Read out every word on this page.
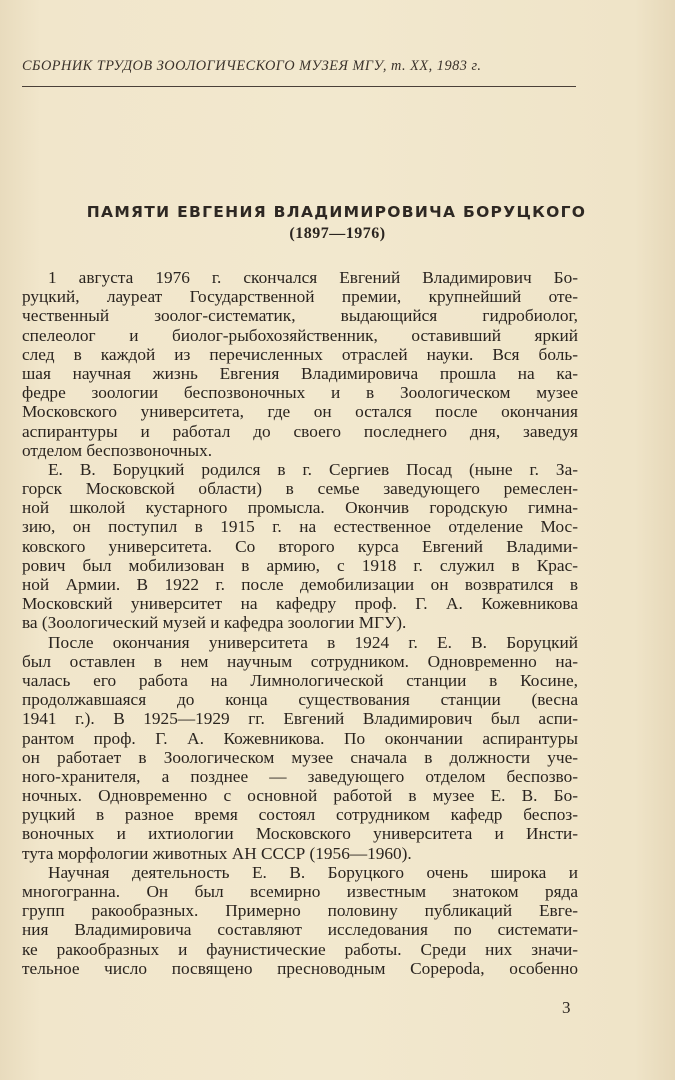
СБОРНИК ТРУДОВ ЗООЛОГИЧЕСКОГО МУЗЕЯ МГУ, т. XX, 1983 г.
ПАМЯТИ ЕВГЕНИЯ ВЛАДИМИРОВИЧА БОРУЦКОГО
(1897—1976)
1 августа 1976 г. скончался Евгений Владимирович Бо-
руцкий, лауреат Государственной премии, крупнейший оте-
чественный зоолог-систематик, выдающийся гидробиолог,
спелеолог и биолог-рыбохозяйственник, оставивший яркий
след в каждой из перечисленных отраслей науки. Вся боль-
шая научная жизнь Евгения Владимировича прошла на ка-
федре зоологии беспозвоночных и в Зоологическом музее
Московского университета, где он остался после окончания
аспирантуры и работал до своего последнего дня, заведуя
отделом беспозвоночных.
Е. В. Боруцкий родился в г. Сергиев Посад (ныне г. За-
горск Московской области) в семье заведующего ремеслен-
ной школой кустарного промысла. Окончив городскую гимна-
зию, он поступил в 1915 г. на естественное отделение Мос-
ковского университета. Со второго курса Евгений Владими-
рович был мобилизован в армию, с 1918 г. служил в Крас-
ной Армии. В 1922 г. после демобилизации он возвратился в
Московский университет на кафедру проф. Г. А. Кожевникова
ва (Зоологический музей и кафедра зоологии МГУ).
После окончания университета в 1924 г. Е. В. Боруцкий
был оставлен в нем научным сотрудником. Одновременно на-
чалась его работа на Лимнологической станции в Косине,
продолжавшаяся до конца существования станции (весна
1941 г.). В 1925—1929 гг. Евгений Владимирович был аспи-
рантом проф. Г. А. Кожевникова. По окончании аспирантуры
он работает в Зоологическом музее сначала в должности уче-
ного-хранителя, а позднее — заведующего отделом беспозво-
ночных. Одновременно с основной работой в музее Е. В. Бо-
руцкий в разное время состоял сотрудником кафедр беспоз-
воночных и ихтиологии Московского университета и Инсти-
тута морфологии животных АН СССР (1956—1960).
Научная деятельность Е. В. Боруцкого очень широка и
многогранна. Он был всемирно известным знатоком ряда
групп ракообразных. Примерно половину публикаций Евге-
ния Владимировича составляют исследования по системати-
ке ракообразных и фаунистические работы. Среди них значи-
тельное число посвящено пресноводным Copepoda, особенно
3
